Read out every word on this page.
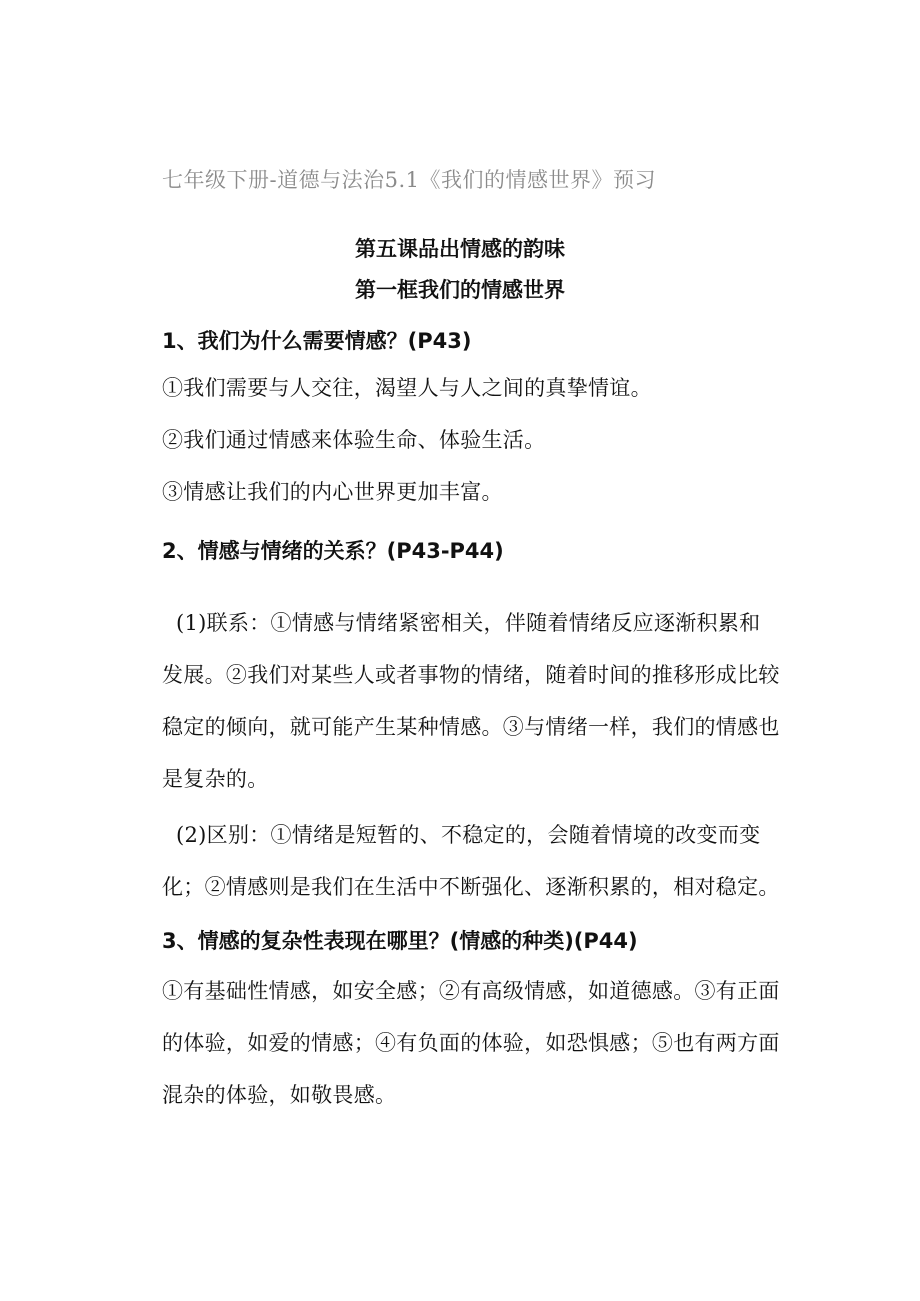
七年级下册-道德与法治5.1《我们的情感世界》预习
第五课品出情感的韵味
第一框我们的情感世界
1、我们为什么需要情感？(P43)
①我们需要与人交往，渴望人与人之间的真挚情谊。
②我们通过情感来体验生命、体验生活。
③情感让我们的内心世界更加丰富。
2、情感与情绪的关系？(P43-P44)
(1)联系：①情感与情绪紧密相关，伴随着情绪反应逐渐积累和
发展。②我们对某些人或者事物的情绪，随着时间的推移形成比较
稳定的倾向，就可能产生某种情感。③与情绪一样，我们的情感也
是复杂的。
(2)区别：①情绪是短暂的、不稳定的，会随着情境的改变而变
化；②情感则是我们在生活中不断强化、逐渐积累的，相对稳定。
3、情感的复杂性表现在哪里？(情感的种类)(P44)
①有基础性情感，如安全感；②有高级情感，如道德感。③有正面
的体验，如爱的情感；④有负面的体验，如恐惧感；⑤也有两方面
混杂的体验，如敬畏感。
